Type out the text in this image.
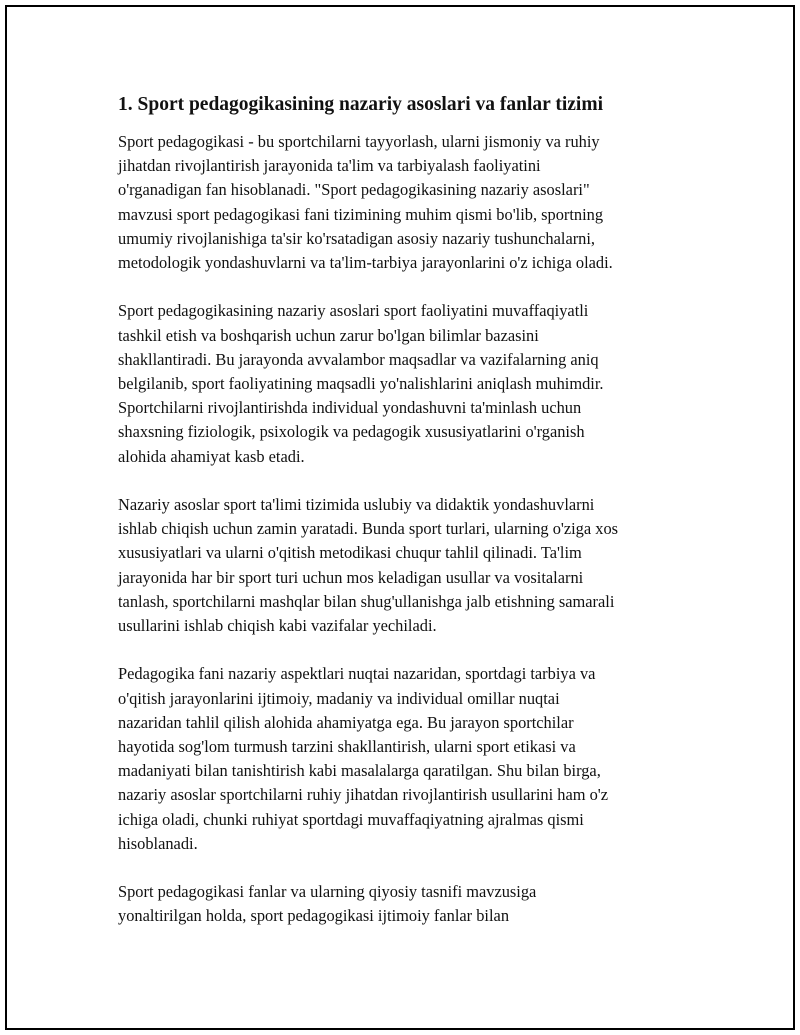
1. Sport pedagogikasining nazariy asoslari va fanlar tizimi
Sport pedagogikasi - bu sportchilarni tayyorlash, ularni jismoniy va ruhiy
jihatdan rivojlantirish jarayonida ta'lim va tarbiyalash faoliyatini
o'rganadigan fan hisoblanadi. "Sport pedagogikasining nazariy asoslari"
mavzusi sport pedagogikasi fani tizimining muhim qismi bo'lib, sportning
umumiy rivojlanishiga ta'sir ko'rsatadigan asosiy nazariy tushunchalarni,
metodologik yondashuvlarni va ta'lim-tarbiya jarayonlarini o'z ichiga oladi.
Sport pedagogikasining nazariy asoslari sport faoliyatini muvaffaqiyatli
tashkil etish va boshqarish uchun zarur bo'lgan bilimlar bazasini
shakllantiradi. Bu jarayonda avvalambor maqsadlar va vazifalarning aniq
belgilanib, sport faoliyatining maqsadli yo'nalishlarini aniqlash muhimdir.
Sportchilarni rivojlantirishda individual yondashuvni ta'minlash uchun
shaxsning fiziologik, psixologik va pedagogik xususiyatlarini o'rganish
alohida ahamiyat kasb etadi.
Nazariy asoslar sport ta'limi tizimida uslubiy va didaktik yondashuvlarni
ishlab chiqish uchun zamin yaratadi. Bunda sport turlari, ularning o'ziga xos
xususiyatlari va ularni o'qitish metodikasi chuqur tahlil qilinadi. Ta'lim
jarayonida har bir sport turi uchun mos keladigan usullar va vositalarni
tanlash, sportchilarni mashqlar bilan shug'ullanishga jalb etishning samarali
usullarini ishlab chiqish kabi vazifalar yechiladi.
Pedagogika fani nazariy aspektlari nuqtai nazaridan, sportdagi tarbiya va
o'qitish jarayonlarini ijtimoiy, madaniy va individual omillar nuqtai
nazaridan tahlil qilish alohida ahamiyatga ega. Bu jarayon sportchilar
hayotida sog'lom turmush tarzini shakllantirish, ularni sport etikasi va
madaniyati bilan tanishtirish kabi masalalarga qaratilgan. Shu bilan birga,
nazariy asoslar sportchilarni ruhiy jihatdan rivojlantirish usullarini ham o'z
ichiga oladi, chunki ruhiyat sportdagi muvaffaqiyatning ajralmas qismi
hisoblanadi.
Sport pedagogikasi fanlar va ularning qiyosiy tasnifi mavzusiga
yonaltirilgan holda, sport pedagogikasi ijtimoiy fanlar bilan
